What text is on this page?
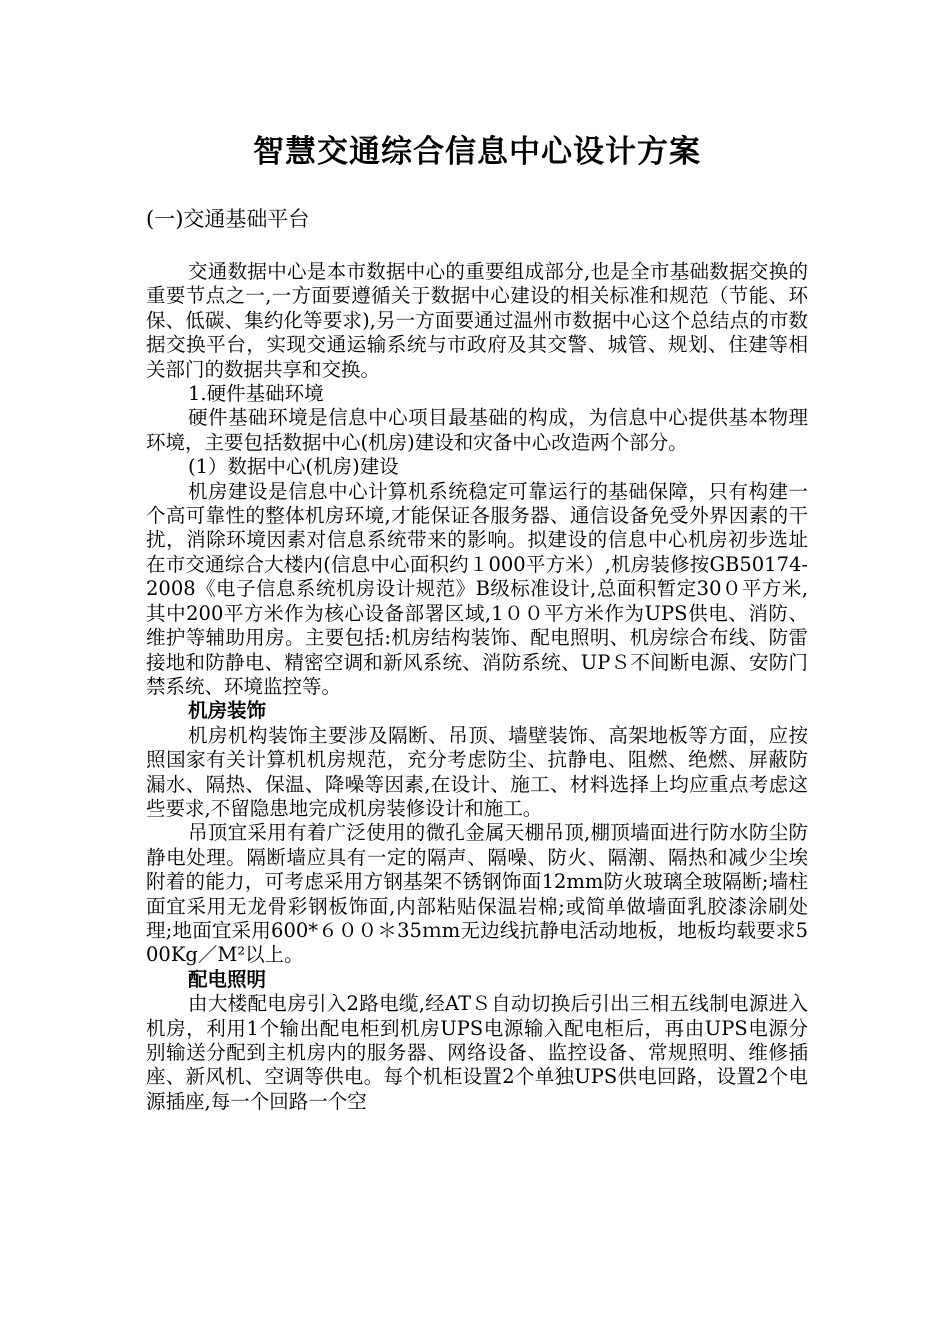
智慧交通综合信息中心设计方案
(一)交通基础平台

交通数据中心是本市数据中心的重要组成部分,也是全市基础数据交换的重要节点之一,一方面要遵循关于数据中心建设的相关标准和规范（节能、环保、低碳、集约化等要求),另一方面要通过温州市数据中心这个总结点的市数据交换平台，实现交通运输系统与市政府及其交警、城管、规划、住建等相关部门的数据共享和交换。

1.硬件基础环境

硬件基础环境是信息中心项目最基础的构成，为信息中心提供基本物理环境，主要包括数据中心(机房)建设和灾备中心改造两个部分。

(1）数据中心(机房)建设

机房建设是信息中心计算机系统稳定可靠运行的基础保障，只有构建一个高可靠性的整体机房环境,才能保证各服务器、通信设备免受外界因素的干扰，消除环境因素对信息系统带来的影响。拟建设的信息中心机房初步选址在市交通综合大楼内(信息中心面积约１000平方米）,机房装修按GB50174-2008《电子信息系统机房设计规范》B级标准设计,总面积暂定30０平方米,其中200平方米作为核心设备部署区域,1００平方米作为UPS供电、消防、维护等辅助用房。主要包括:机房结构装饰、配电照明、机房综合布线、防雷接地和防静电、精密空调和新风系统、消防系统、UPＳ不间断电源、安防门禁系统、环境监控等。

机房装饰

机房机构装饰主要涉及隔断、吊顶、墙壁装饰、高架地板等方面，应按照国家有关计算机机房规范，充分考虑防尘、抗静电、阻燃、绝燃、屏蔽防漏水、隔热、保温、降噪等因素,在设计、施工、材料选择上均应重点考虑这些要求,不留隐患地完成机房装修设计和施工。

吊顶宜采用有着广泛使用的微孔金属天棚吊顶,棚顶墙面进行防水防尘防静电处理。隔断墙应具有一定的隔声、隔噪、防火、隔潮、隔热和减少尘埃附着的能力，可考虑采用方钢基架不锈钢饰面12mm防火玻璃全玻隔断;墙柱面宜采用无龙骨彩钢板饰面,内部粘贴保温岩棉;或简单做墙面乳胶漆涂刷处理;地面宜采用600*６００＊35ｍm无边线抗静电活动地板，地板均载要求500Kg／M²以上。

配电照明

由大楼配电房引入2路电缆,经ATＳ自动切换后引出三相五线制电源进入机房，利用1个输出配电柜到机房UPS电源输入配电柜后，再由UPS电源分别输送分配到主机房内的服务器、网络设备、监控设备、常规照明、维修插座、新风机、空调等供电。每个机柜设置2个单独UPS供电回路，设置2个电源插座,每一个回路一个空
